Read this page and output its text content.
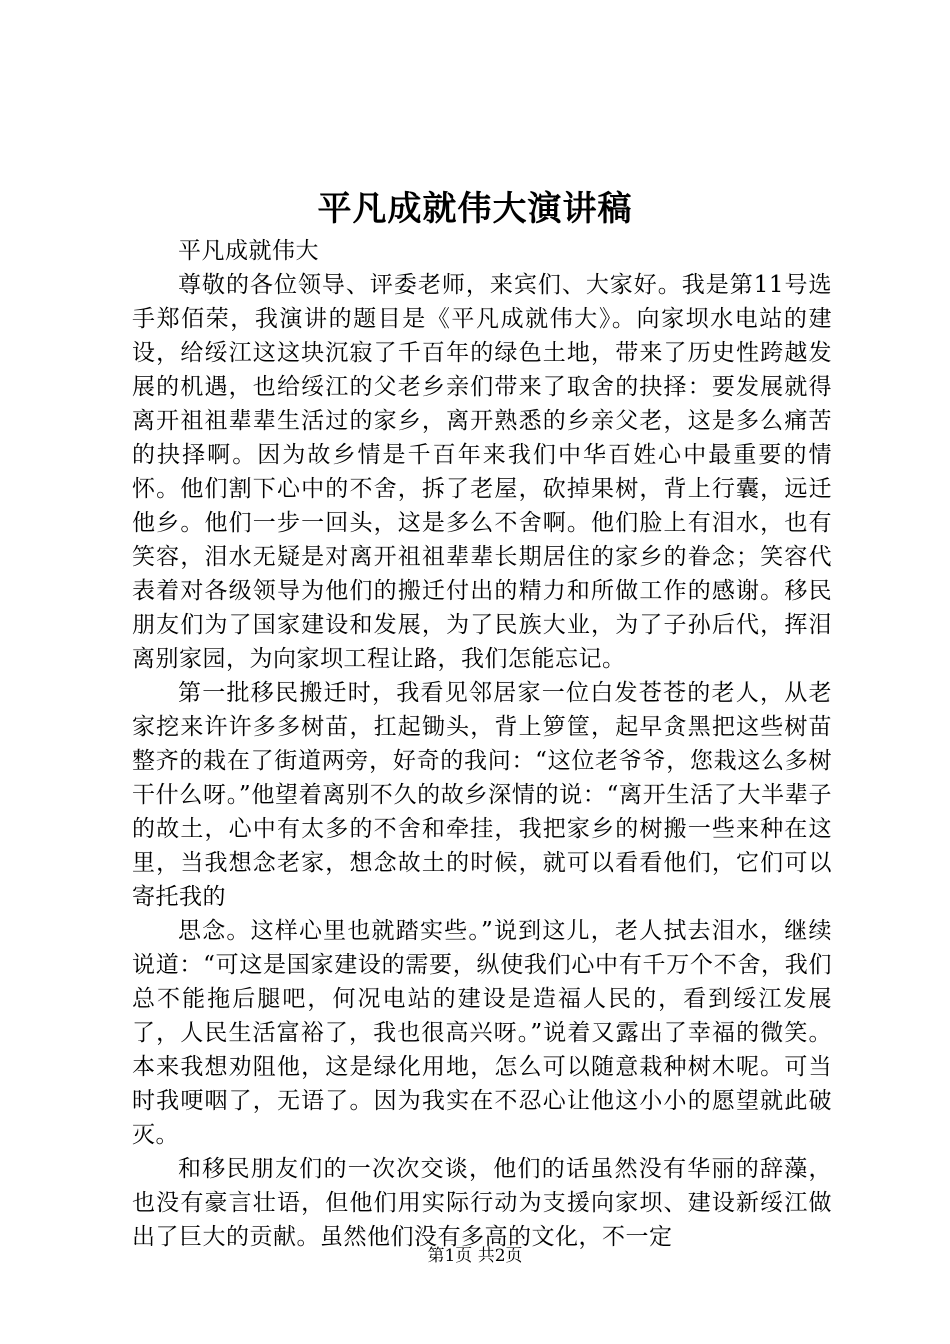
平凡成就伟大演讲稿

平凡成就伟大

尊敬的各位领导、评委老师，来宾们、大家好。我是第11号选手郑佰荣，我演讲的题目是《平凡成就伟大》。向家坝水电站的建设，给绥江这这块沉寂了千百年的绿色土地，带来了历史性跨越发展的机遇，也给绥江的父老乡亲们带来了取舍的抉择：要发展就得离开祖祖辈辈生活过的家乡，离开熟悉的乡亲父老，这是多么痛苦的抉择啊。因为故乡情是千百年来我们中华百姓心中最重要的情怀。他们割下心中的不舍，拆了老屋，砍掉果树，背上行囊，远迁他乡。他们一步一回头，这是多么不舍啊。他们脸上有泪水，也有笑容，泪水无疑是对离开祖祖辈辈长期居住的家乡的眷念；笑容代表着对各级领导为他们的搬迁付出的精力和所做工作的感谢。移民朋友们为了国家建设和发展，为了民族大业，为了子孙后代，挥泪离别家园，为向家坝工程让路，我们怎能忘记。

第一批移民搬迁时，我看见邻居家一位白发苍苍的老人，从老家挖来许许多多树苗，扛起锄头，背上箩筐，起早贪黑把这些树苗整齐的栽在了街道两旁，好奇的我问：“这位老爷爷，您栽这么多树干什么呀。”他望着离别不久的故乡深情的说：“离开生活了大半辈子的故土，心中有太多的不舍和牵挂，我把家乡的树搬一些来种在这里，当我想念老家，想念故土的时候，就可以看看他们，它们可以寄托我的

思念。这样心里也就踏实些。”说到这儿，老人拭去泪水，继续说道：“可这是国家建设的需要，纵使我们心中有千万个不舍，我们总不能拖后腿吧，何况电站的建设是造福人民的，看到绥江发展了，人民生活富裕了，我也很高兴呀。”说着又露出了幸福的微笑。本来我想劝阻他，这是绿化用地，怎么可以随意栽种树木呢。可当时我哽咽了，无语了。因为我实在不忍心让他这小小的愿望就此破灭。

和移民朋友们的一次次交谈，他们的话虽然没有华丽的辞藻，也没有豪言壮语，但他们用实际行动为支援向家坝、建设新绥江做出了巨大的贡献。虽然他们没有多高的文化，不一定

第1页 共2页
